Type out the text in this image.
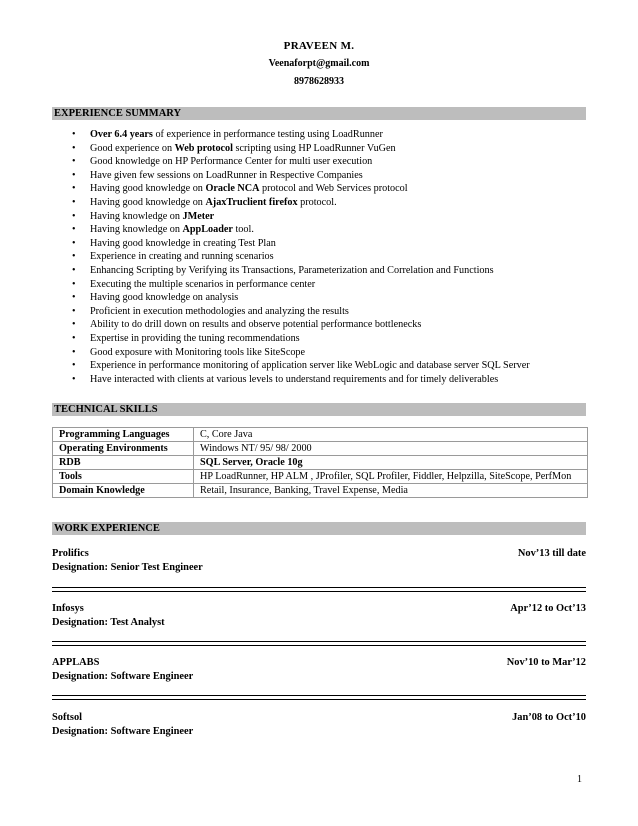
PRAVEEN M.
Veenaforpt@gmail.com
8978628933
EXPERIENCE SUMMARY
• Over 6.4 years of experience in performance testing using LoadRunner
• Good experience on Web protocol scripting using HP LoadRunner VuGen
• Good knowledge on HP Performance Center for multi user execution
• Have given few sessions on LoadRunner in Respective Companies
• Having good knowledge on Oracle NCA protocol and Web Services protocol
• Having good knowledge on AjaxTruclient firefox protocol.
• Having knowledge on JMeter
• Having knowledge on AppLoader tool.
• Having good knowledge in creating Test Plan
• Experience in creating and running scenarios
• Enhancing Scripting by Verifying its Transactions, Parameterization and Correlation and Functions
• Executing the multiple scenarios in performance center
• Having good knowledge on analysis
• Proficient in execution methodologies and analyzing the results
• Ability to do drill down on results and observe potential performance bottlenecks
• Expertise in providing the tuning recommendations
• Good exposure with Monitoring tools like SiteScope
• Experience in performance monitoring of application server like WebLogic and database server SQL Server
• Have interacted with clients at various levels to understand requirements and for timely deliverables
TECHNICAL SKILLS
Programming Languages	C, Core Java
Operating Environments	Windows NT/ 95/ 98/ 2000
RDB	SQL Server, Oracle 10g
Tools	HP LoadRunner, HP ALM , JProfiler, SQL Profiler, Fiddler, Helpzilla, SiteScope, PerfMon
Domain Knowledge	Retail, Insurance, Banking, Travel Expense, Media
WORK EXPERIENCE
Prolifics	Nov’13 till date
Designation: Senior Test Engineer
Infosys	Apr’12 to Oct’13
Designation: Test Analyst
APPLABS	Nov’10 to Mar’12
Designation: Software Engineer
Softsol	Jan’08 to Oct’10
Designation: Software Engineer
1
